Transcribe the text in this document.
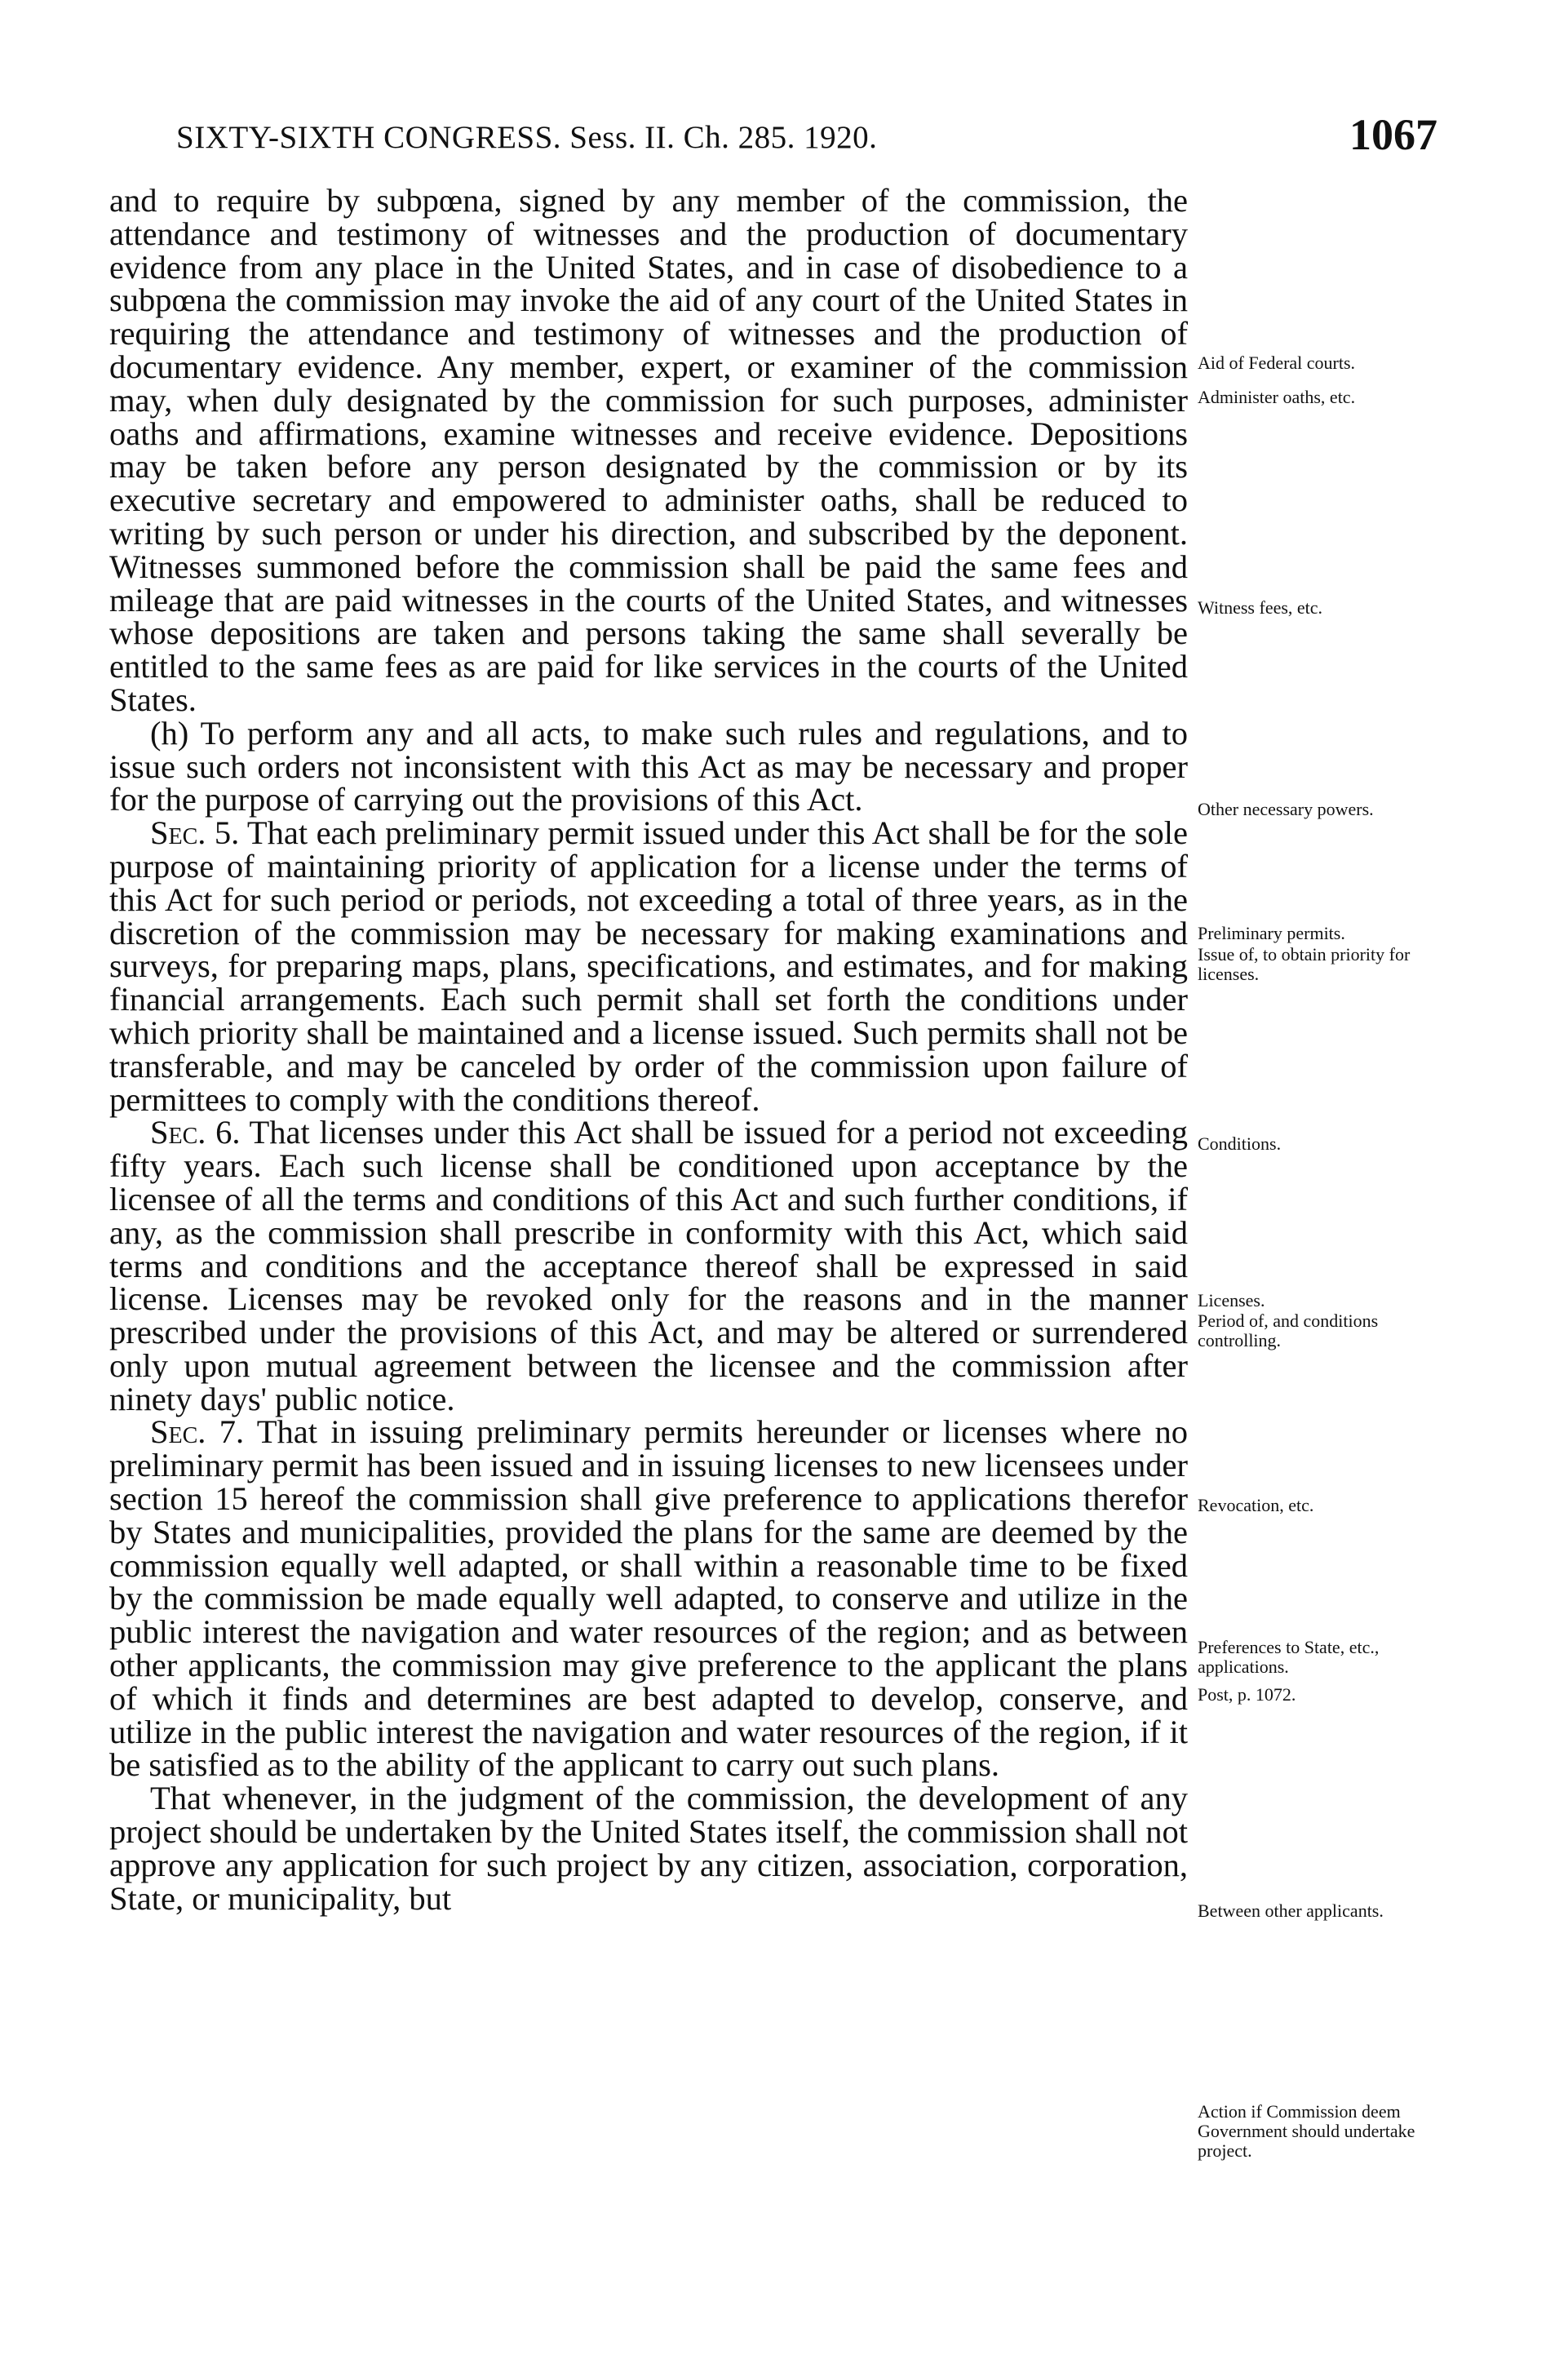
SIXTY-SIXTH CONGRESS. Sess. II. Ch. 285. 1920.	1067

and to require by subpœna, signed by any member of the commission, the attendance and testimony of witnesses and the production of documentary evidence from any place in the United States, and in case of disobedience to a subpœna the commission may invoke the aid of any court of the United States in requiring the attendance and testimony of witnesses and the production of documentary evidence. Any member, expert, or examiner of the commission may, when duly designated by the commission for such purposes, administer oaths and affirmations, examine witnesses and receive evidence. Depositions may be taken before any person designated by the commission or by its executive secretary and empowered to administer oaths, shall be reduced to writing by such person or under his direction, and subscribed by the deponent. Witnesses summoned before the commission shall be paid the same fees and mileage that are paid witnesses in the courts of the United States, and witnesses whose depositions are taken and persons taking the same shall severally be entitled to the same fees as are paid for like services in the courts of the United States.

(h) To perform any and all acts, to make such rules and regulations, and to issue such orders not inconsistent with this Act as may be necessary and proper for the purpose of carrying out the provisions of this Act.

Sec. 5. That each preliminary permit issued under this Act shall be for the sole purpose of maintaining priority of application for a license under the terms of this Act for such period or periods, not exceeding a total of three years, as in the discretion of the commission may be necessary for making examinations and surveys, for preparing maps, plans, specifications, and estimates, and for making financial arrangements. Each such permit shall set forth the conditions under which priority shall be maintained and a license issued. Such permits shall not be transferable, and may be canceled by order of the commission upon failure of permittees to comply with the conditions thereof.

Sec. 6. That licenses under this Act shall be issued for a period not exceeding fifty years. Each such license shall be conditioned upon acceptance by the licensee of all the terms and conditions of this Act and such further conditions, if any, as the commission shall prescribe in conformity with this Act, which said terms and conditions and the acceptance thereof shall be expressed in said license. Licenses may be revoked only for the reasons and in the manner prescribed under the provisions of this Act, and may be altered or surrendered only upon mutual agreement between the licensee and the commission after ninety days' public notice.

Sec. 7. That in issuing preliminary permits hereunder or licenses where no preliminary permit has been issued and in issuing licenses to new licensees under section 15 hereof the commission shall give preference to applications therefor by States and municipalities, provided the plans for the same are deemed by the commission equally well adapted, or shall within a reasonable time to be fixed by the commission be made equally well adapted, to conserve and utilize in the public interest the navigation and water resources of the region; and as between other applicants, the commission may give preference to the applicant the plans of which it finds and determines are best adapted to develop, conserve, and utilize in the public interest the navigation and water resources of the region, if it be satisfied as to the ability of the applicant to carry out such plans.

That whenever, in the judgment of the commission, the development of any project should be undertaken by the United States itself, the commission shall not approve any application for such project by any citizen, association, corporation, State, or municipality, but

Aid of Federal courts.
Administer oaths, etc.
Witness fees, etc.
Other necessary powers.
Preliminary permits.
Issue of, to obtain priority for licenses.
Conditions.
Licenses.
Period of, and conditions controlling.
Revocation, etc.
Preferences to State, etc., applications.
Post, p. 1072.
Between other applicants.
Action if Commission deem Government should undertake project.
